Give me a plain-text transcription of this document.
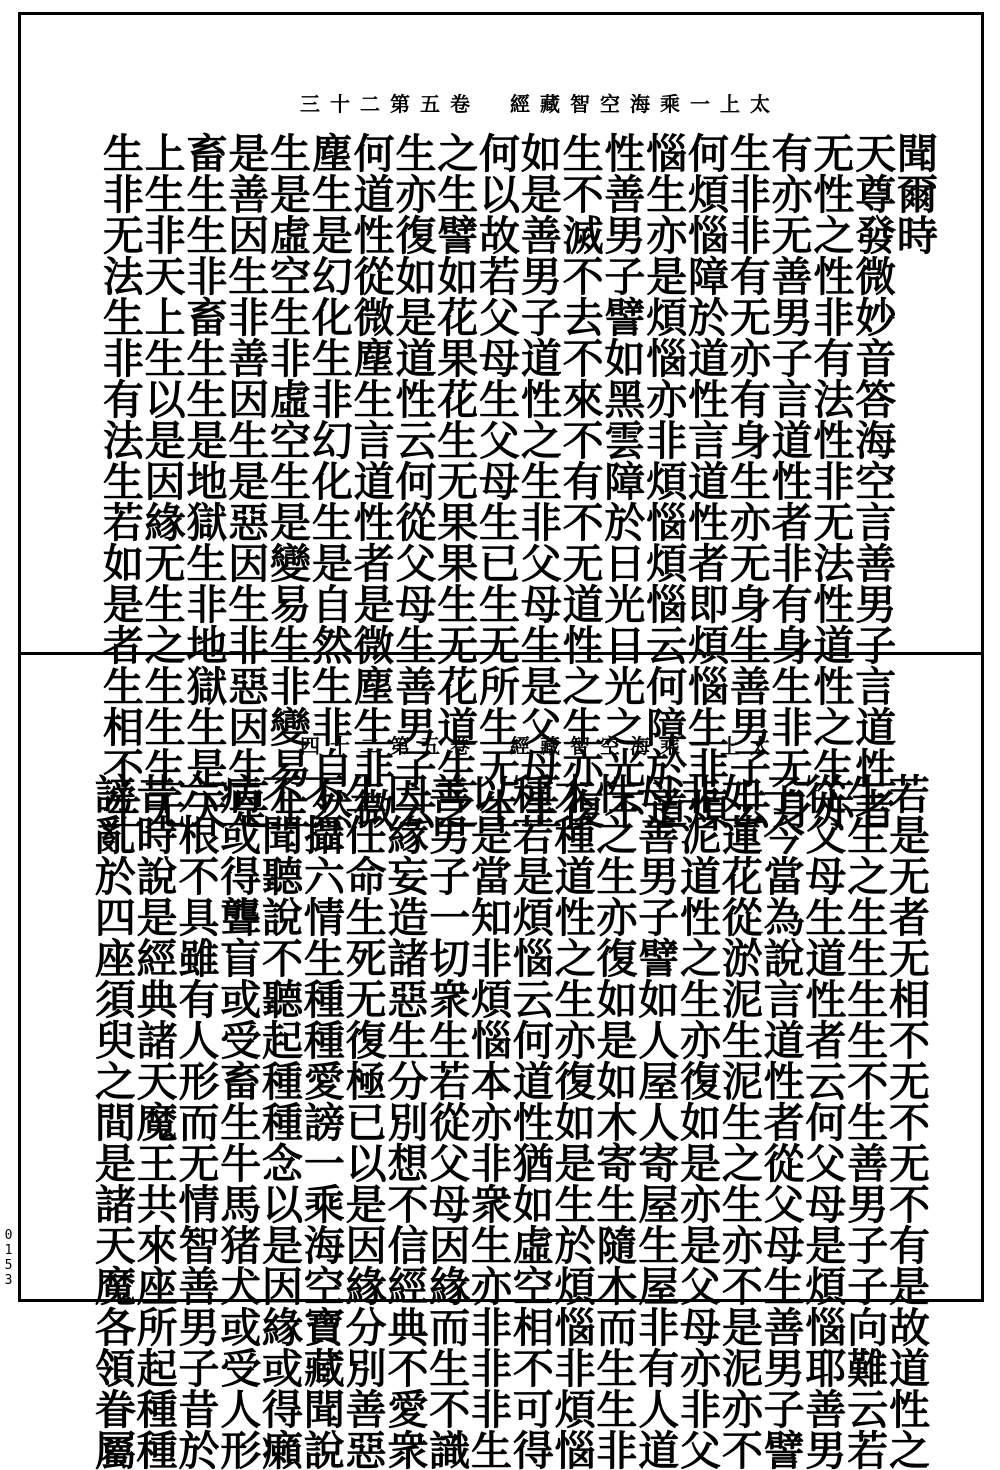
三十二第五卷　經藏智空海乘一上太
聞爾時
天尊發微妙音答海空言善男子言道性者
无性之性非有法性非无法性道性之生亦
有亦无善男子言道性者非有身生非无身
生非非有无亦有身生亦无身生善男子云
何煩惱障於道性言道性者即煩惱生非煩
惱生亦是煩惱亦非煩惱煩惱云何障於道
性善男子譬如黑雲障於日光日光之光不
生不滅不去不來不有不无道性之生亦復
如是善男子道性之生非父母生是父母生
何以故若父母生父母生已生无所生无生
之生譬如花果花生无果果生无花道生之
生亦復如是道性云何從父母生善男子云
何道性從微塵生言道性者是微塵生非微
塵生是幻化生非幻化生是自然生非自然
生是虛空生非虛空生是變易生非變易生
是善因生非善因生是惡因生非惡因生是
畜生生非畜生生是地獄生非地獄生是天
上生非天上生以是因緣无生之生生生无
生非无法生非有法生若如是者生相不生	四十二第五卷　經藏智空海乘一上太
若是无者无相不无不无不有是故道性之
生生之生生生生不生善男子子向難云若
從父母生道性者云何父母是煩惱耶善男
子今當為說言道性者從父母生善男子譬
如蓮花從淤泥生泥生之生亦不是泥亦不
非泥道性之生亦復如是亦是父母亦非父
母善男子譬如人屋人寄屋生屋非有人道
性之生亦復如是如木寄生隨木而生生非
木種道性之生亦復如是生於煩惱非煩惱
種若是煩惱云何道性猶如虛空相不可得
以是當知非煩惱本亦非衆生亦非非非生
善男子一切衆生若從父母因緣而生不識
因緣妄造諸惡生分別想不信經典不愛衆
生任命生死无復極已以是因緣分別善惡
不攝六情生種種愛謗一乘海空寶藏聞說
不聞聽說不聽起種種念以是因緣或得癩
病或得聾盲或受畜生牛馬猪犬或受人形
六根不具雖有人形而无情智善男子昔於
昔時說是經典諸天魔王共來座所起種種
謗亂於四座須臾之間是諸天魔各領眷屬
0153
